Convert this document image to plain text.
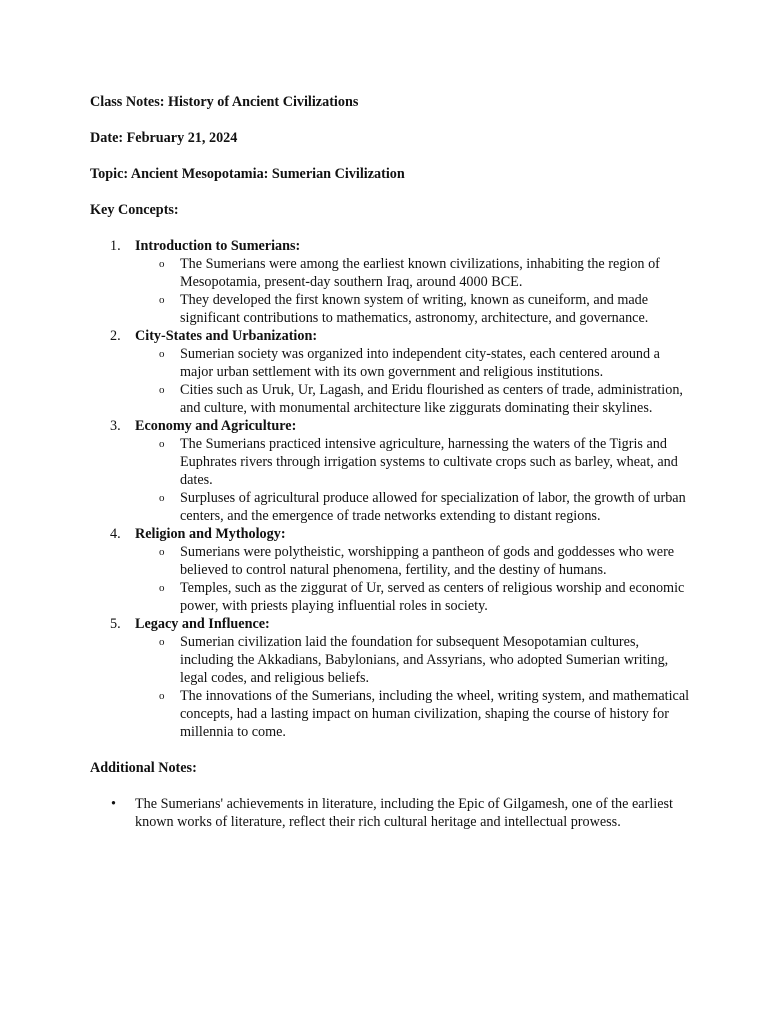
Class Notes: History of Ancient Civilizations

Date: February 21, 2024

Topic: Ancient Mesopotamia: Sumerian Civilization

Key Concepts:

1. Introduction to Sumerians:
o The Sumerians were among the earliest known civilizations, inhabiting the region of Mesopotamia, present-day southern Iraq, around 4000 BCE.
o They developed the first known system of writing, known as cuneiform, and made significant contributions to mathematics, astronomy, architecture, and governance.
2. City-States and Urbanization:
o Sumerian society was organized into independent city-states, each centered around a major urban settlement with its own government and religious institutions.
o Cities such as Uruk, Ur, Lagash, and Eridu flourished as centers of trade, administration, and culture, with monumental architecture like ziggurats dominating their skylines.
3. Economy and Agriculture:
o The Sumerians practiced intensive agriculture, harnessing the waters of the Tigris and Euphrates rivers through irrigation systems to cultivate crops such as barley, wheat, and dates.
o Surpluses of agricultural produce allowed for specialization of labor, the growth of urban centers, and the emergence of trade networks extending to distant regions.
4. Religion and Mythology:
o Sumerians were polytheistic, worshipping a pantheon of gods and goddesses who were believed to control natural phenomena, fertility, and the destiny of humans.
o Temples, such as the ziggurat of Ur, served as centers of religious worship and economic power, with priests playing influential roles in society.
5. Legacy and Influence:
o Sumerian civilization laid the foundation for subsequent Mesopotamian cultures, including the Akkadians, Babylonians, and Assyrians, who adopted Sumerian writing, legal codes, and religious beliefs.
o The innovations of the Sumerians, including the wheel, writing system, and mathematical concepts, had a lasting impact on human civilization, shaping the course of history for millennia to come.

Additional Notes:

• The Sumerians' achievements in literature, including the Epic of Gilgamesh, one of the earliest known works of literature, reflect their rich cultural heritage and intellectual prowess.
